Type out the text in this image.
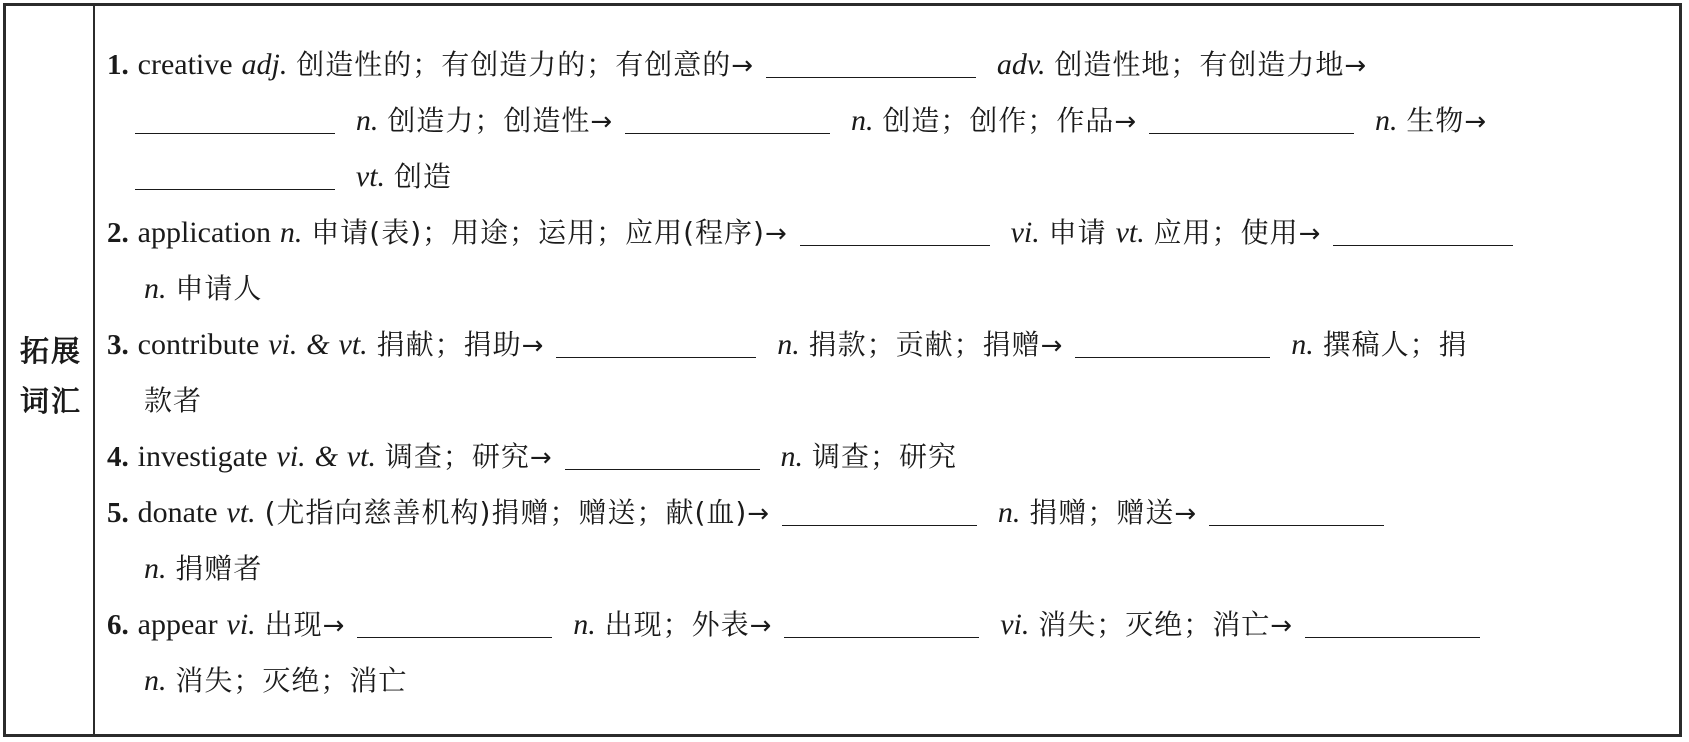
拓展
词汇
1. creative adj. 创造性的；有创造力的；有创意的→	adv. 创造性地；有创造力地→
n. 创造力；创造性→	n. 创造；创作；作品→	n. 生物→
vt. 创造
2. application n. 申请(表)；用途；运用；应用(程序)→	vi. 申请 vt. 应用；使用→
n. 申请人
3. contribute vi. & vt. 捐献；捐助→	n. 捐款；贡献；捐赠→	n. 撰稿人；捐
款者
4. investigate vi. & vt. 调查；研究→	n. 调查；研究
5. donate vt. (尤指向慈善机构)捐赠；赠送；献(血)→	n. 捐赠；赠送→
n. 捐赠者
6. appear vi. 出现→	n. 出现；外表→	vi. 消失；灭绝；消亡→
n. 消失；灭绝；消亡
